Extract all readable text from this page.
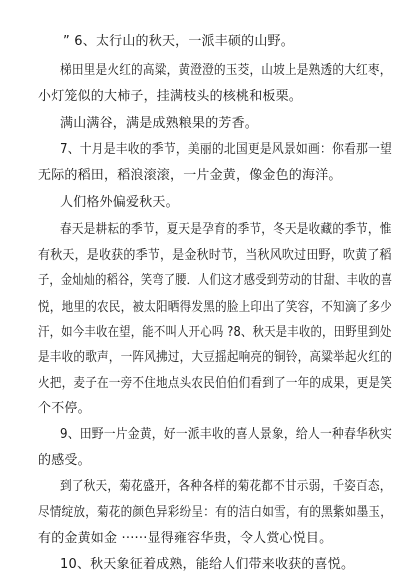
” 6、太行山的秋天，一派丰硕的山野。
梯田里是火红的高粱，黄澄澄的玉茭，山坡上是熟透的大红枣，
小灯笼似的大柿子，挂满枝头的核桃和板栗。
满山满谷，满是成熟粮果的芳香。
7、十月是丰收的季节，美丽的北国更是风景如画：你看那一望
无际的稻田，稻浪滚滚，一片金黄，像金色的海洋。
人们格外偏爱秋天。
春天是耕耘的季节，夏天是孕育的季节，冬天是收藏的季节，惟
有秋天，是收获的季节，是金秋时节，当秋风吹过田野，吹黄了稻
子，金灿灿的稻谷，笑弯了腰．人们这才感受到劳动的甘甜、丰收的喜
悦，地里的农民，被太阳晒得发黑的脸上印出了笑容，不知滴了多少
汗，如今丰收在望，能不叫人开心吗 ?8、秋天是丰收的，田野里到处
是丰收的歌声，一阵风拂过，大豆摇起响亮的铜铃，高粱举起火红的
火把，麦子在一旁不住地点头农民伯伯们看到了一年的成果，更是笑
个不停。
9、田野一片金黄，好一派丰收的喜人景象，给人一种春华秋实
的感受。
到了秋天，菊花盛开，各种各样的菊花都不甘示弱，千姿百态，
尽情绽放，菊花的颜色异彩纷呈：有的洁白如雪，有的黑紫如墨玉，
有的金黄如金 ······显得雍容华贵，令人赏心悦目。
10、秋天象征着成熟，能给人们带来收获的喜悦。
